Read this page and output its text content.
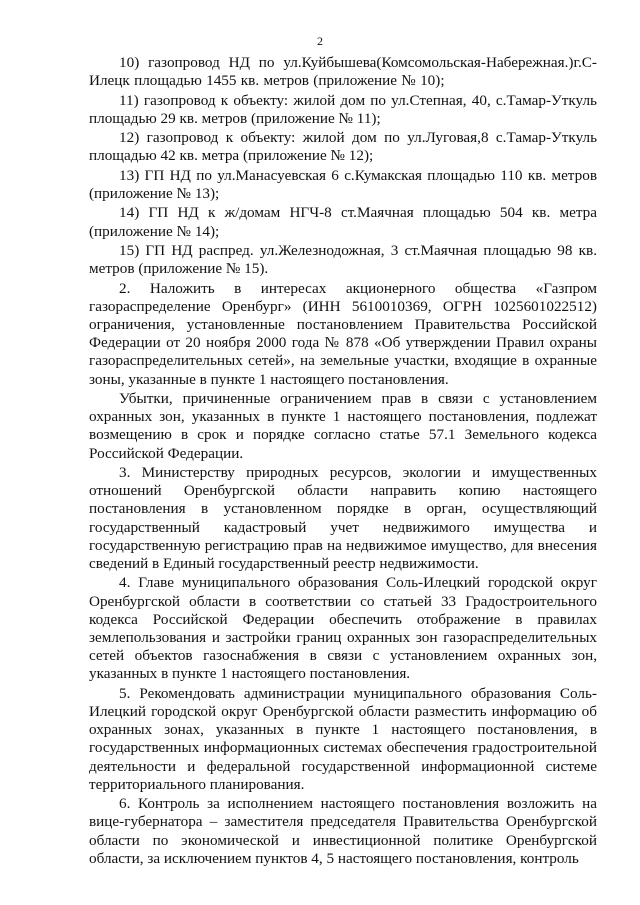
2

10) газопровод НД по ул.Куйбышева(Комсомольская-Набережная.)г.С-Илецк площадью 1455 кв. метров (приложение № 10);

11) газопровод к объекту: жилой дом по ул.Степная, 40, с.Тамар-Уткуль площадью 29 кв. метров (приложение № 11);

12) газопровод к объекту: жилой дом по ул.Луговая,8 с.Тамар-Уткуль площадью 42 кв. метра (приложение № 12);

13) ГП НД по ул.Манасуевская 6 с.Кумакская площадью 110 кв. метров (приложение № 13);

14) ГП НД к ж/домам НГЧ-8 ст.Маячная площадью 504 кв. метра (приложение № 14);

15) ГП НД распред. ул.Железнодожная, 3 ст.Маячная площадью 98 кв. метров (приложение № 15).

2. Наложить в интересах акционерного общества «Газпром газораспределение Оренбург» (ИНН 5610010369, ОГРН 1025601022512) ограничения, установленные постановлением Правительства Российской Федерации от 20 ноября 2000 года № 878 «Об утверждении Правил охраны газораспределительных сетей», на земельные участки, входящие в охранные зоны, указанные в пункте 1 настоящего постановления.

Убытки, причиненные ограничением прав в связи с установлением охранных зон, указанных в пункте 1 настоящего постановления, подлежат возмещению в срок и порядке согласно статье 57.1 Земельного кодекса Российской Федерации.

3. Министерству природных ресурсов, экологии и имущественных отношений Оренбургской области направить копию настоящего постановления в установленном порядке в орган, осуществляющий государственный кадастровый учет недвижимого имущества и государственную регистрацию прав на недвижимое имущество, для внесения сведений в Единый государственный реестр недвижимости.

4. Главе муниципального образования Соль-Илецкий городской округ Оренбургской области в соответствии со статьей 33 Градостроительного кодекса Российской Федерации обеспечить отображение в правилах землепользования и застройки границ охранных зон газораспределительных сетей объектов газоснабжения в связи с установлением охранных зон, указанных в пункте 1 настоящего постановления.

5. Рекомендовать администрации муниципального образования Соль-Илецкий городской округ Оренбургской области разместить информацию об охранных зонах, указанных в пункте 1 настоящего постановления, в государственных информационных системах обеспечения градостроительной деятельности и федеральной государственной информационной системе территориального планирования.

6. Контроль за исполнением настоящего постановления возложить на вице-губернатора – заместителя председателя Правительства Оренбургской области по экономической и инвестиционной политике Оренбургской области, за исключением пунктов 4, 5 настоящего постановления, контроль
